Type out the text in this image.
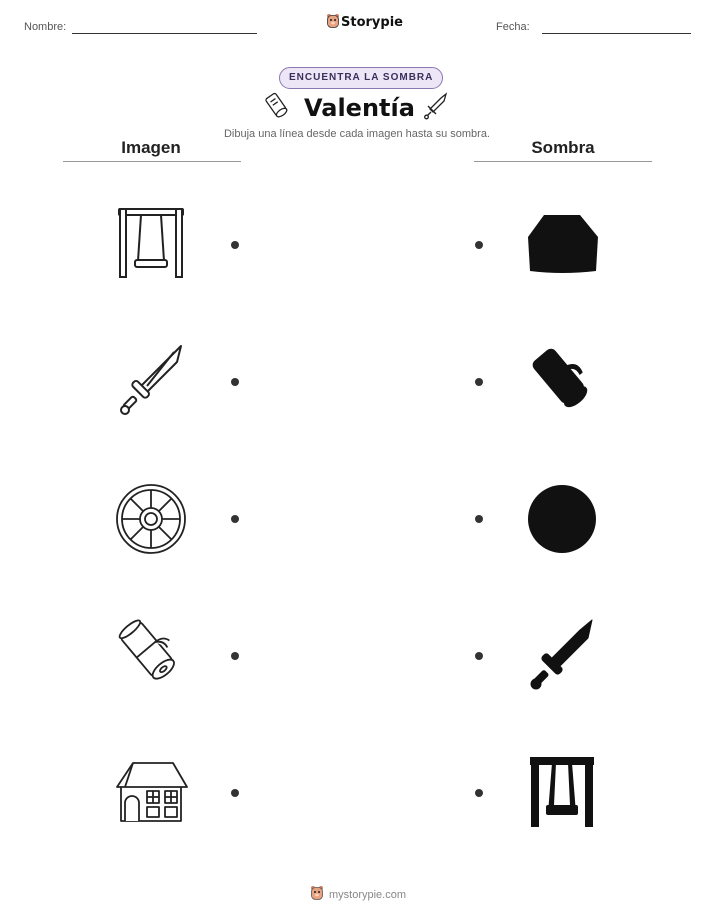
Nombre:	Storypie	Fecha:
ENCUENTRA LA SOMBRA
Valentía
Dibuja una línea desde cada imagen hasta su sombra.
Imagen	Sombra
mystorypie.com
